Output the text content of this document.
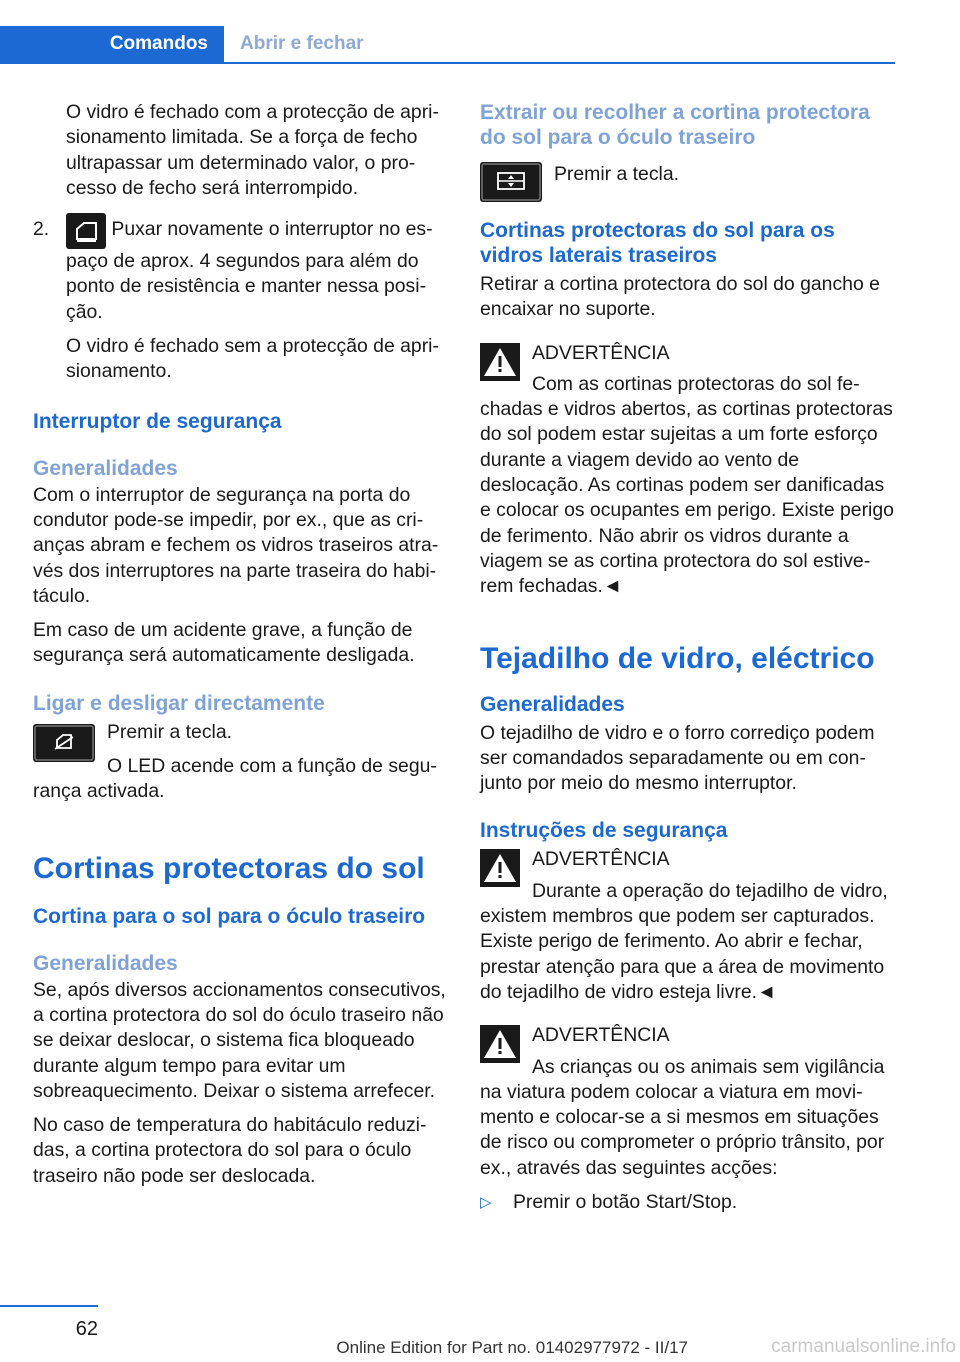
Comandos	Abrir e fechar

O vidro é fechado com a protecção de aprisionamento limitada. Se a força de fecho ultrapassar um determinado valor, o processo de fecho será interrompido.

2.	Puxar novamente o interruptor no espaço de aprox. 4 segundos para além do ponto de resistência e manter nessa posição.

O vidro é fechado sem a protecção de aprisionamento.

Interruptor de segurança
Generalidades

Com o interruptor de segurança na porta do condutor pode-se impedir, por ex., que as crianças abram e fechem os vidros traseiros através dos interruptores na parte traseira do habitáculo.

Em caso de um acidente grave, a função de segurança será automaticamente desligada.

Ligar e desligar directamente

Premir a tecla.

O LED acende com a função de segurança activada.

Cortinas protectoras do sol
Cortina para o sol para o óculo traseiro
Generalidades

Se, após diversos accionamentos consecutivos, a cortina protectora do sol do óculo traseiro não se deixar deslocar, o sistema fica bloqueado durante algum tempo para evitar um sobreaquecimento. Deixar o sistema arrefecer.

No caso de temperatura do habitáculo reduzidas, a cortina protectora do sol para o óculo traseiro não pode ser deslocada.

Extrair ou recolher a cortina protectora do sol para o óculo traseiro

Premir a tecla.

Cortinas protectoras do sol para os vidros laterais traseiros

Retirar a cortina protectora do sol do gancho e encaixar no suporte.

ADVERTÊNCIA

Com as cortinas protectoras do sol fechadas e vidros abertos, as cortinas protectoras do sol podem estar sujeitas a um forte esforço durante a viagem devido ao vento de deslocação. As cortinas podem ser danificadas e colocar os ocupantes em perigo. Existe perigo de ferimento. Não abrir os vidros durante a viagem se as cortina protectora do sol estiverem fechadas.◄

Tejadilho de vidro, eléctrico
Generalidades

O tejadilho de vidro e o forro corrediço podem ser comandados separadamente ou em conjunto por meio do mesmo interruptor.

Instruções de segurança
ADVERTÊNCIA

Durante a operação do tejadilho de vidro, existem membros que podem ser capturados. Existe perigo de ferimento. Ao abrir e fechar, prestar atenção para que a área de movimento do tejadilho de vidro esteja livre.◄

ADVERTÊNCIA

As crianças ou os animais sem vigilância na viatura podem colocar a viatura em movimento e colocar-se a si mesmos em situações de risco ou comprometer o próprio trânsito, por ex., através das seguintes acções:

▷ Premir o botão Start/Stop.
62
Online Edition for Part no. 01402977972 - II/17	carmanualsonline.info
